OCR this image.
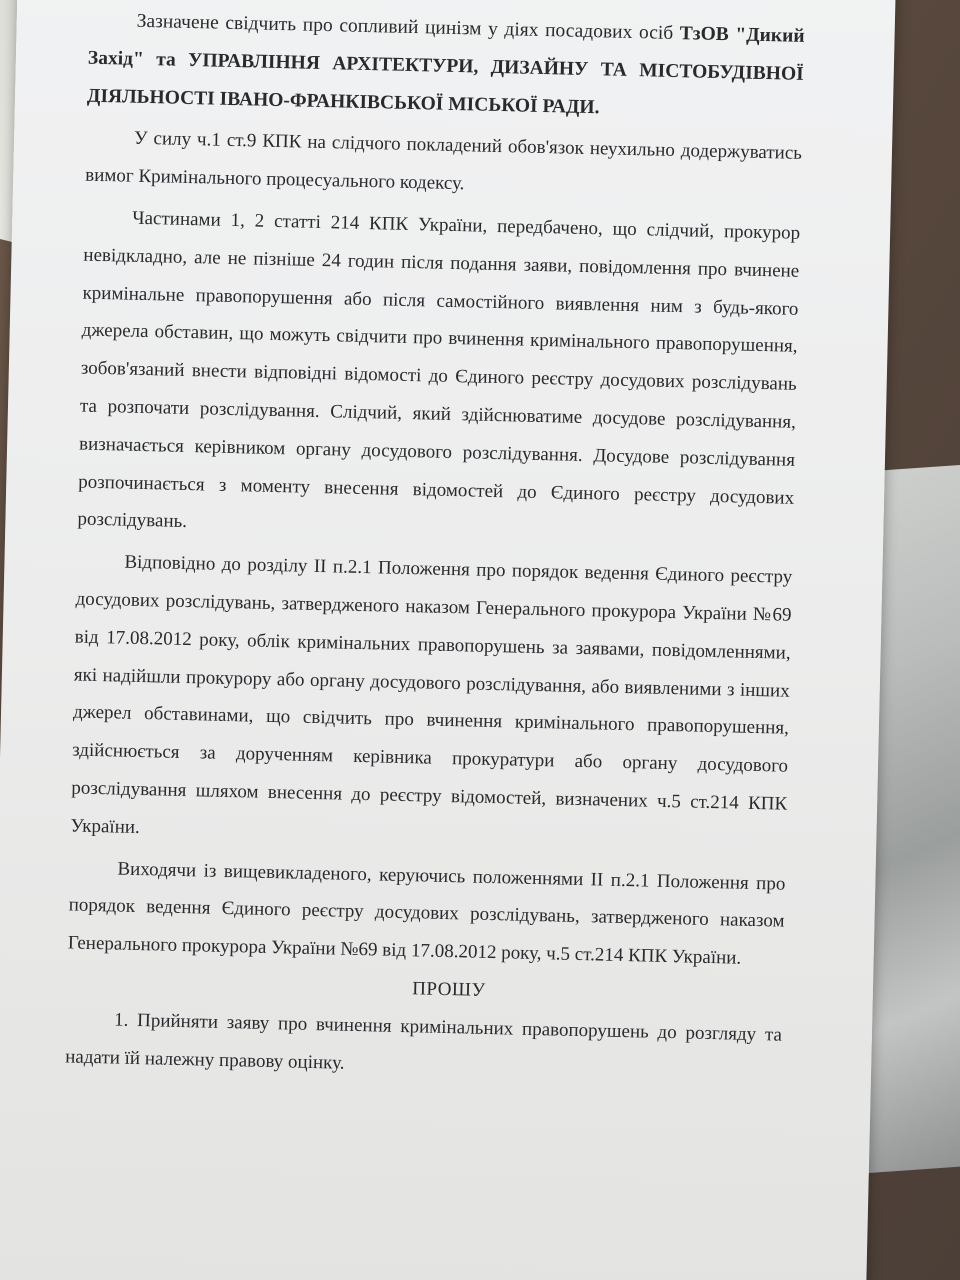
Зазначене свідчить про сопливий цинізм у діях посадових осіб ТзОВ "Дикий Захід" та УПРАВЛІННЯ АРХІТЕКТУРИ, ДИЗАЙНУ ТА МІСТОБУДІВНОЇ ДІЯЛЬНОСТІ ІВАНО-ФРАНКІВСЬКОЇ МІСЬКОЇ РАДИ.

У силу ч.1 ст.9 КПК на слідчого покладений обов'язок неухильно додержуватись вимог Кримінального процесуального кодексу.

Частинами 1, 2 статті 214 КПК України, передбачено, що слідчий, прокурор невідкладно, але не пізніше 24 годин після подання заяви, повідомлення про вчинене кримінальне правопорушення або після самостійного виявлення ним з будь-якого джерела обставин, що можуть свідчити про вчинення кримінального правопорушення, зобов'язаний внести відповідні відомості до Єдиного реєстру досудових розслідувань та розпочати розслідування. Слідчий, який здійснюватиме досудове розслідування, визначається керівником органу досудового розслідування. Досудове розслідування розпочинається з моменту внесення відомостей до Єдиного реєстру досудових розслідувань.

Відповідно до розділу ІІ п.2.1 Положення про порядок ведення Єдиного реєстру досудових розслідувань, затвердженого наказом Генерального прокурора України №69 від 17.08.2012 року, облік кримінальних правопорушень за заявами, повідомленнями, які надійшли прокурору або органу досудового розслідування, або виявленими з інших джерел обставинами, що свідчить про вчинення кримінального правопорушення, здійснюється за дорученням керівника прокуратури або органу досудового розслідування шляхом внесення до реєстру відомостей, визначених ч.5 ст.214 КПК України.

Виходячи із вищевикладеного, керуючись положеннями ІІ п.2.1 Положення про порядок ведення Єдиного реєстру досудових розслідувань, затвердженого наказом Генерального прокурора України №69 від 17.08.2012 року, ч.5 ст.214 КПК України.

ПРОШУ

1. Прийняти заяву про вчинення кримінальних правопорушень до розгляду та надати їй належну правову оцінку.
